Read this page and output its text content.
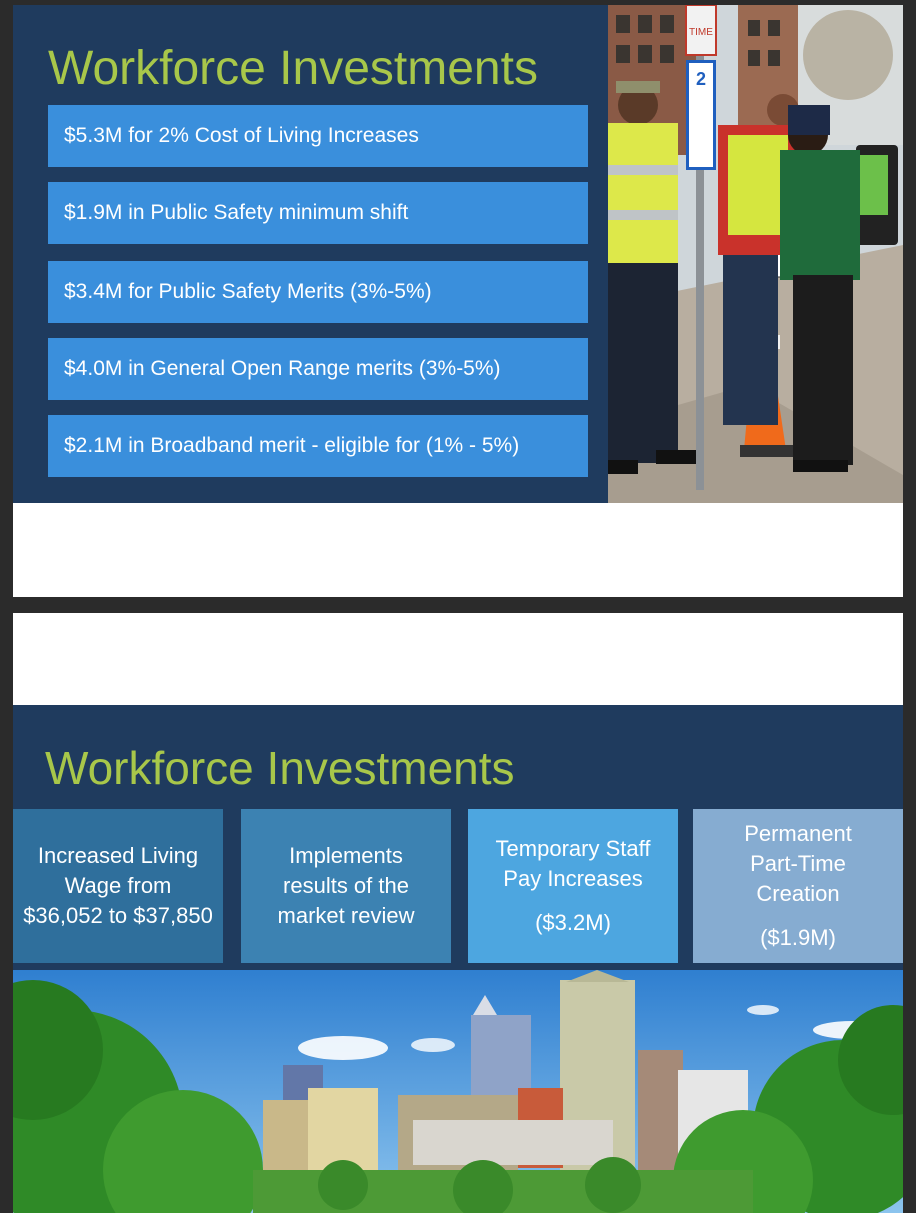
Workforce Investments
$5.3M for 2% Cost of Living Increases
$1.9M in Public Safety minimum shift
$3.4M for Public Safety Merits (3%-5%)
$4.0M in General Open Range merits (3%-5%)
$2.1M in Broadband merit - eligible for (1% - 5%)
TIME
2
Workforce Investments
Increased Living Wage from $36,052 to $37,850
Implements results of the market review
Temporary Staff Pay Increases
($3.2M)
Permanent Part-Time Creation
($1.9M)
